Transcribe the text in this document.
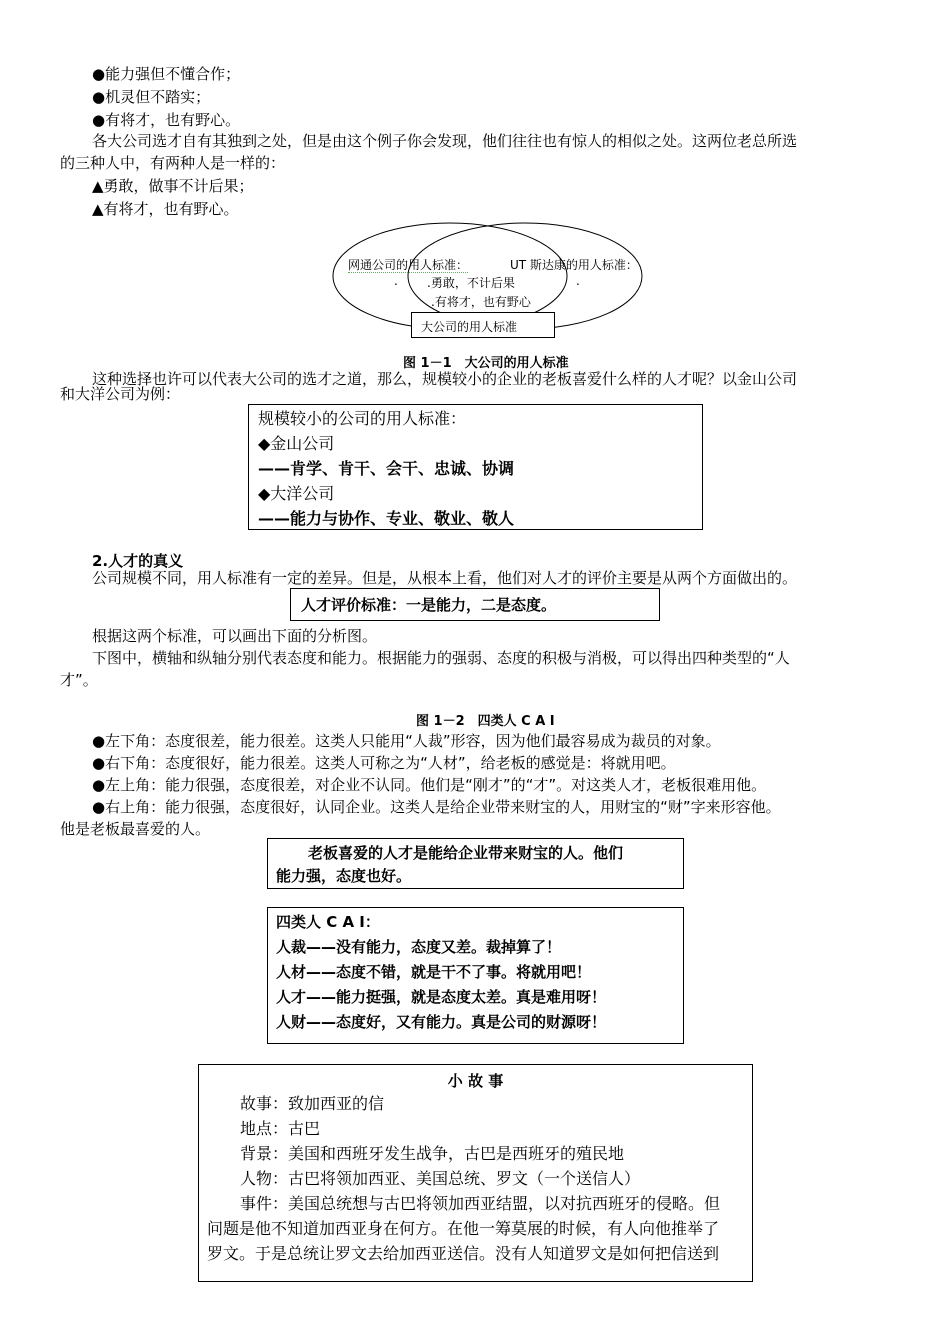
●能力强但不懂合作；
●机灵但不踏实；
●有将才，也有野心。
各大公司选才自有其独到之处，但是由这个例子你会发现，他们往往也有惊人的相似之处。这两位老总所选
的三种人中，有两种人是一样的：
▲勇敢，做事不计后果；
▲有将才，也有野心。
网通公司的用人标准：	UT 斯达康的用人标准：
.	.
.勇敢，不计后果
.有将才，也有野心
大公司的用人标准
图 1－1　大公司的用人标准
这种选择也许可以代表大公司的选才之道，那么，规模较小的企业的老板喜爱什么样的人才呢？以金山公司
和大洋公司为例：
规模较小的公司的用人标准：
◆金山公司
——肯学、肯干、会干、忠诚、协调
◆大洋公司
——能力与协作、专业、敬业、敬人
2.人才的真义
公司规模不同，用人标准有一定的差异。但是，从根本上看，他们对人才的评价主要是从两个方面做出的。
人才评价标准：一是能力，二是态度。
根据这两个标准，可以画出下面的分析图。
下图中，横轴和纵轴分别代表态度和能力。根据能力的强弱、态度的积极与消极，可以得出四种类型的“人
才”。
图 1－2　四类人 C A I
●左下角：态度很差，能力很差。这类人只能用“人裁”形容，因为他们最容易成为裁员的对象。
●右下角：态度很好，能力很差。这类人可称之为“人材”，给老板的感觉是：将就用吧。
●左上角：能力很强，态度很差，对企业不认同。他们是“刚才”的“才”。对这类人才，老板很难用他。
●右上角：能力很强，态度很好，认同企业。这类人是给企业带来财宝的人，用财宝的“财”字来形容他。
他是老板最喜爱的人。
老板喜爱的人才是能给企业带来财宝的人。他们
能力强，态度也好。
四类人 C A I：
人裁——没有能力，态度又差。裁掉算了！
人材——态度不错，就是干不了事。将就用吧！
人才——能力挺强，就是态度太差。真是难用呀！
人财——态度好，又有能力。真是公司的财源呀！
小 故 事
故事：致加西亚的信
地点：古巴
背景：美国和西班牙发生战争，古巴是西班牙的殖民地
人物：古巴将领加西亚、美国总统、罗文（一个送信人）
事件：美国总统想与古巴将领加西亚结盟，以对抗西班牙的侵略。但
问题是他不知道加西亚身在何方。在他一筹莫展的时候，有人向他推举了
罗文。于是总统让罗文去给加西亚送信。没有人知道罗文是如何把信送到
